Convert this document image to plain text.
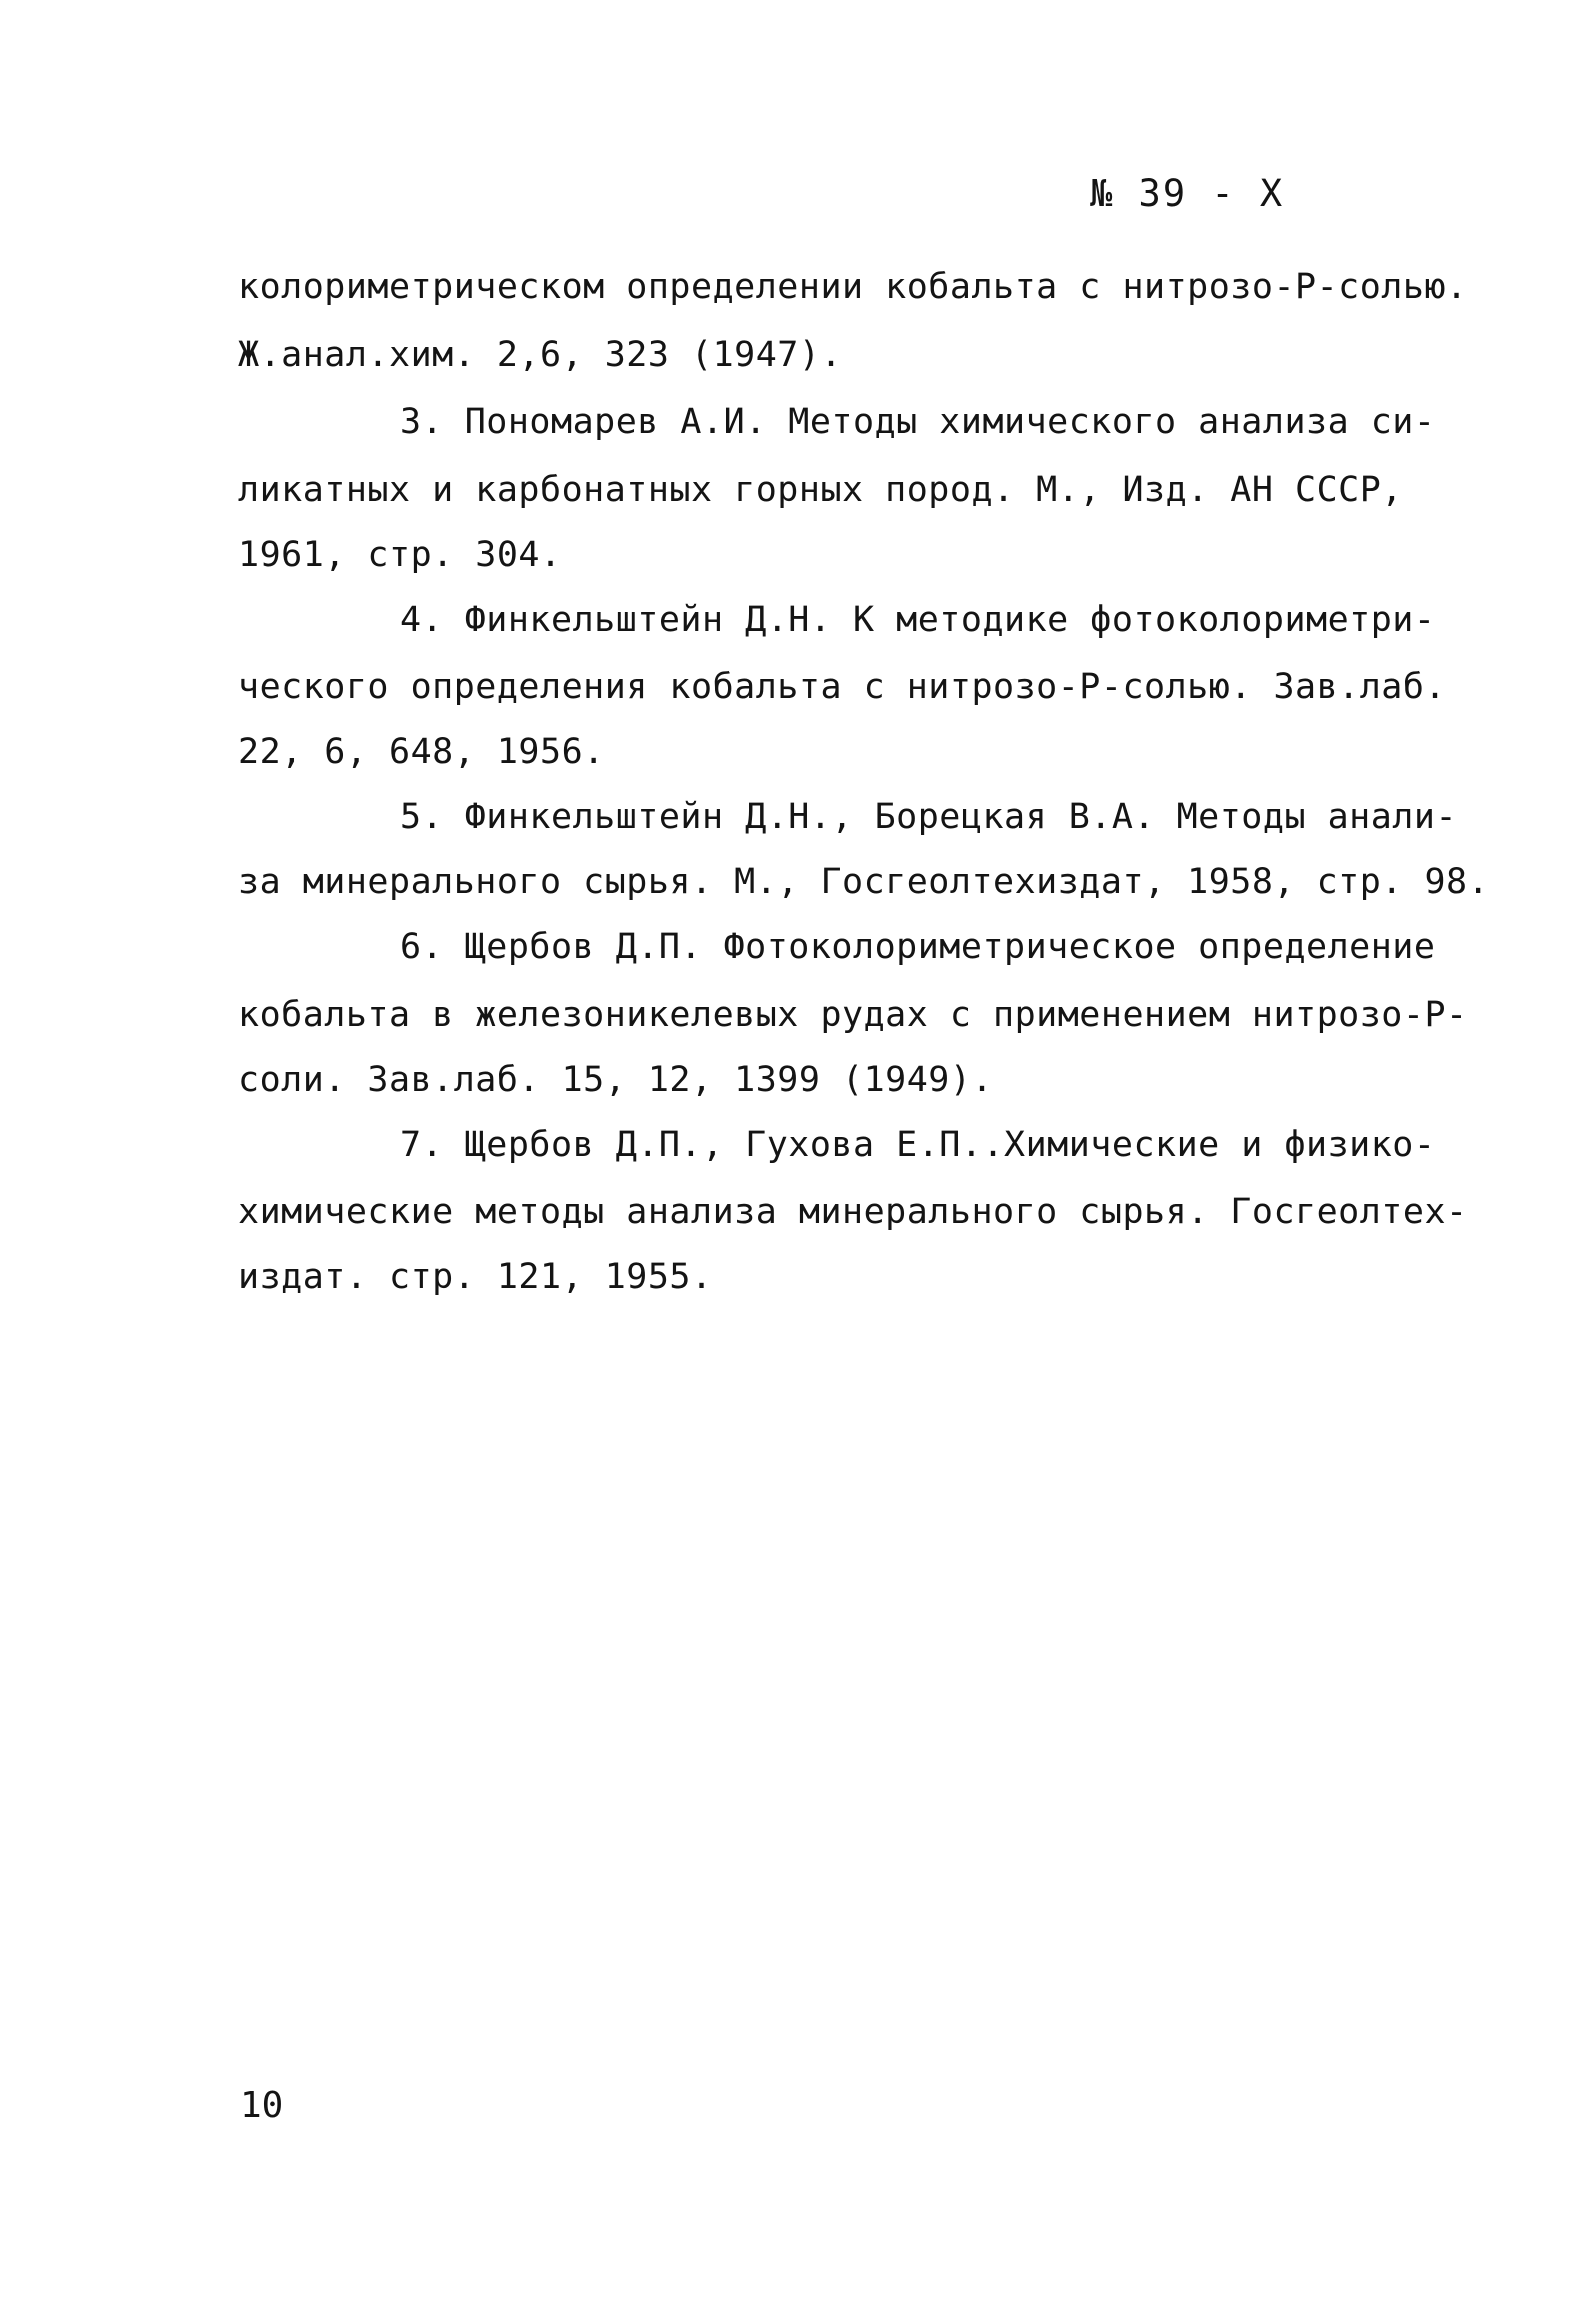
№ 39 - X
колориметрическом определении кобальта с нитрозо-Р-солью.
Ж.анал.хим. 2,6, 323 (1947).
3. Пономарев А.И. Методы химического анализа си-
ликатных и карбонатных горных пород. М., Изд. АН СССР,
1961, стр. 304.
4. Финкельштейн Д.Н. К методике фотоколориметри-
ческого определения кобальта с нитрозо-Р-солью. Зав.лаб.
22, 6, 648, 1956.
5. Финкельштейн Д.Н., Борецкая В.А. Методы анали-
за минерального сырья. М., Госгеолтехиздат, 1958, стр. 98.
6. Щербов Д.П. Фотоколориметрическое определение
кобальта в железоникелевых рудах с применением нитрозо-Р-
соли. Зав.лаб. 15, 12, 1399 (1949).
7. Щербов Д.П., Гухова Е.П..Химические и физико-
химические методы анализа минерального сырья. Госгеолтех-
издат. стр. 121, 1955.
10
